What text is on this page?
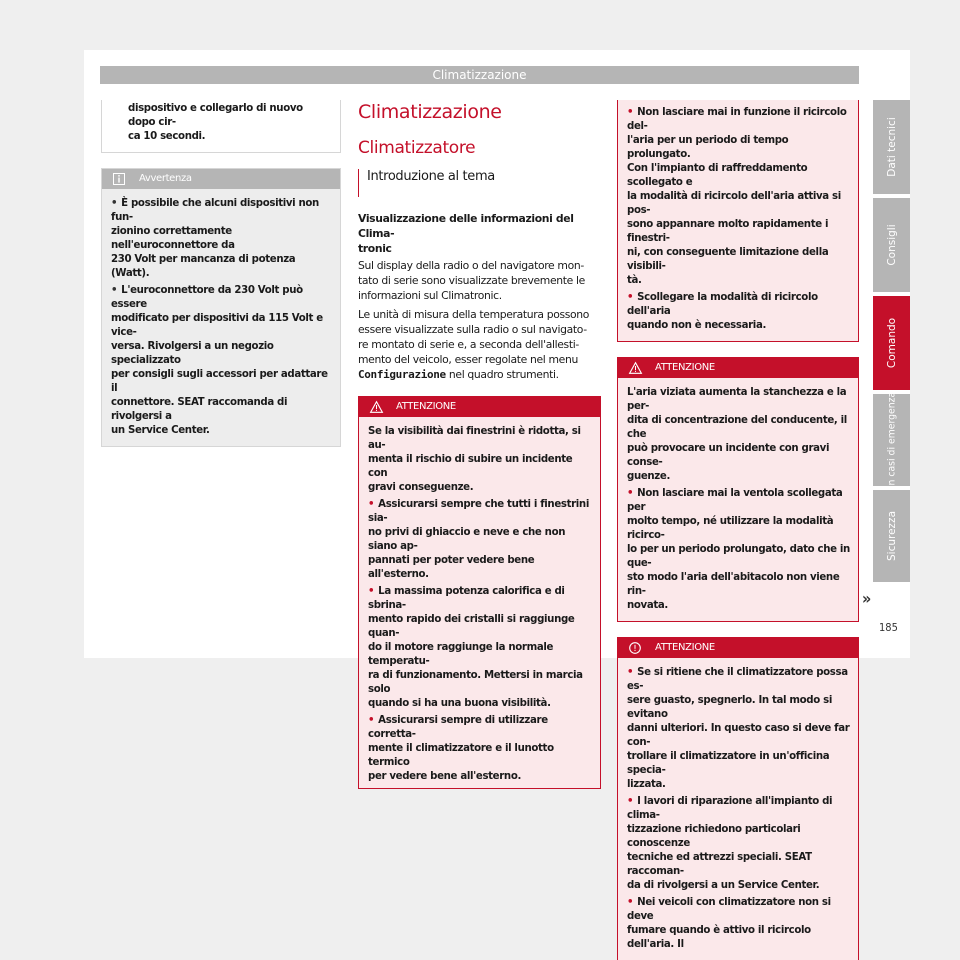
Climatizzazione
dispositivo e collegarlo di nuovo dopo cir-
ca 10 secondi.
Avvertenza

• È possibile che alcuni dispositivi non fun-
zionino correttamente nell'euroconnettore da
230 Volt per mancanza di potenza (Watt).

• L'euroconnettore da 230 Volt può essere
modificato per dispositivi da 115 Volt e vice-
versa. Rivolgersi a un negozio specializzato
per consigli sugli accessori per adattare il
connettore. SEAT raccomanda di rivolgersi a
un Service Center.

Climatizzazione
Climatizzatore
Introduzione al tema

Visualizzazione delle informazioni del Clima-
tronic

Sul display della radio o del navigatore mon-
tato di serie sono visualizzate brevemente le
informazioni sul Climatronic.

Le unità di misura della temperatura possono
essere visualizzate sulla radio o sul navigato-
re montato di serie e, a seconda dell'allesti-
mento del veicolo, esser regolate nel menu
Configurazione nel quadro strumenti.

ATTENZIONE

Se la visibilità dai finestrini è ridotta, si au-
menta il rischio di subire un incidente con
gravi conseguenze.

• Assicurarsi sempre che tutti i finestrini sia-
no privi di ghiaccio e neve e che non siano ap-
pannati per poter vedere bene all'esterno.

• La massima potenza calorifica e di sbrina-
mento rapido dei cristalli si raggiunge quan-
do il motore raggiunge la normale temperatu-
ra di funzionamento. Mettersi in marcia solo
quando si ha una buona visibilità.

• Assicurarsi sempre di utilizzare corretta-
mente il climatizzatore e il lunotto termico
per vedere bene all'esterno.

• Non lasciare mai in funzione il ricircolo del-
l'aria per un periodo di tempo prolungato.
Con l'impianto di raffreddamento scollegato e
la modalità di ricircolo dell'aria attiva si pos-
sono appannare molto rapidamente i finestri-
ni, con conseguente limitazione della visibili-
tà.

• Scollegare la modalità di ricircolo dell'aria
quando non è necessaria.

ATTENZIONE

L'aria viziata aumenta la stanchezza e la per-
dita di concentrazione del conducente, il che
può provocare un incidente con gravi conse-
guenze.

• Non lasciare mai la ventola scollegata per
molto tempo, né utilizzare la modalità ricirco-
lo per un periodo prolungato, dato che in que-
sto modo l'aria dell'abitacolo non viene rin-
novata.

ATTENZIONE

• Se si ritiene che il climatizzatore possa es-
sere guasto, spegnerlo. In tal modo si evitano
danni ulteriori. In questo caso si deve far con-
trollare il climatizzatore in un'officina specia-
lizzata.

• I lavori di riparazione all'impianto di clima-
tizzazione richiedono particolari conoscenze
tecniche ed attrezzi speciali. SEAT raccoman-
da di rivolgersi a un Service Center.

• Nei veicoli con climatizzatore non si deve
fumare quando è attivo il ricircolo dell'aria. Il

»
Dati tecnici
Consigli
Comando
In casi di emergenza
Sicurezza
185
